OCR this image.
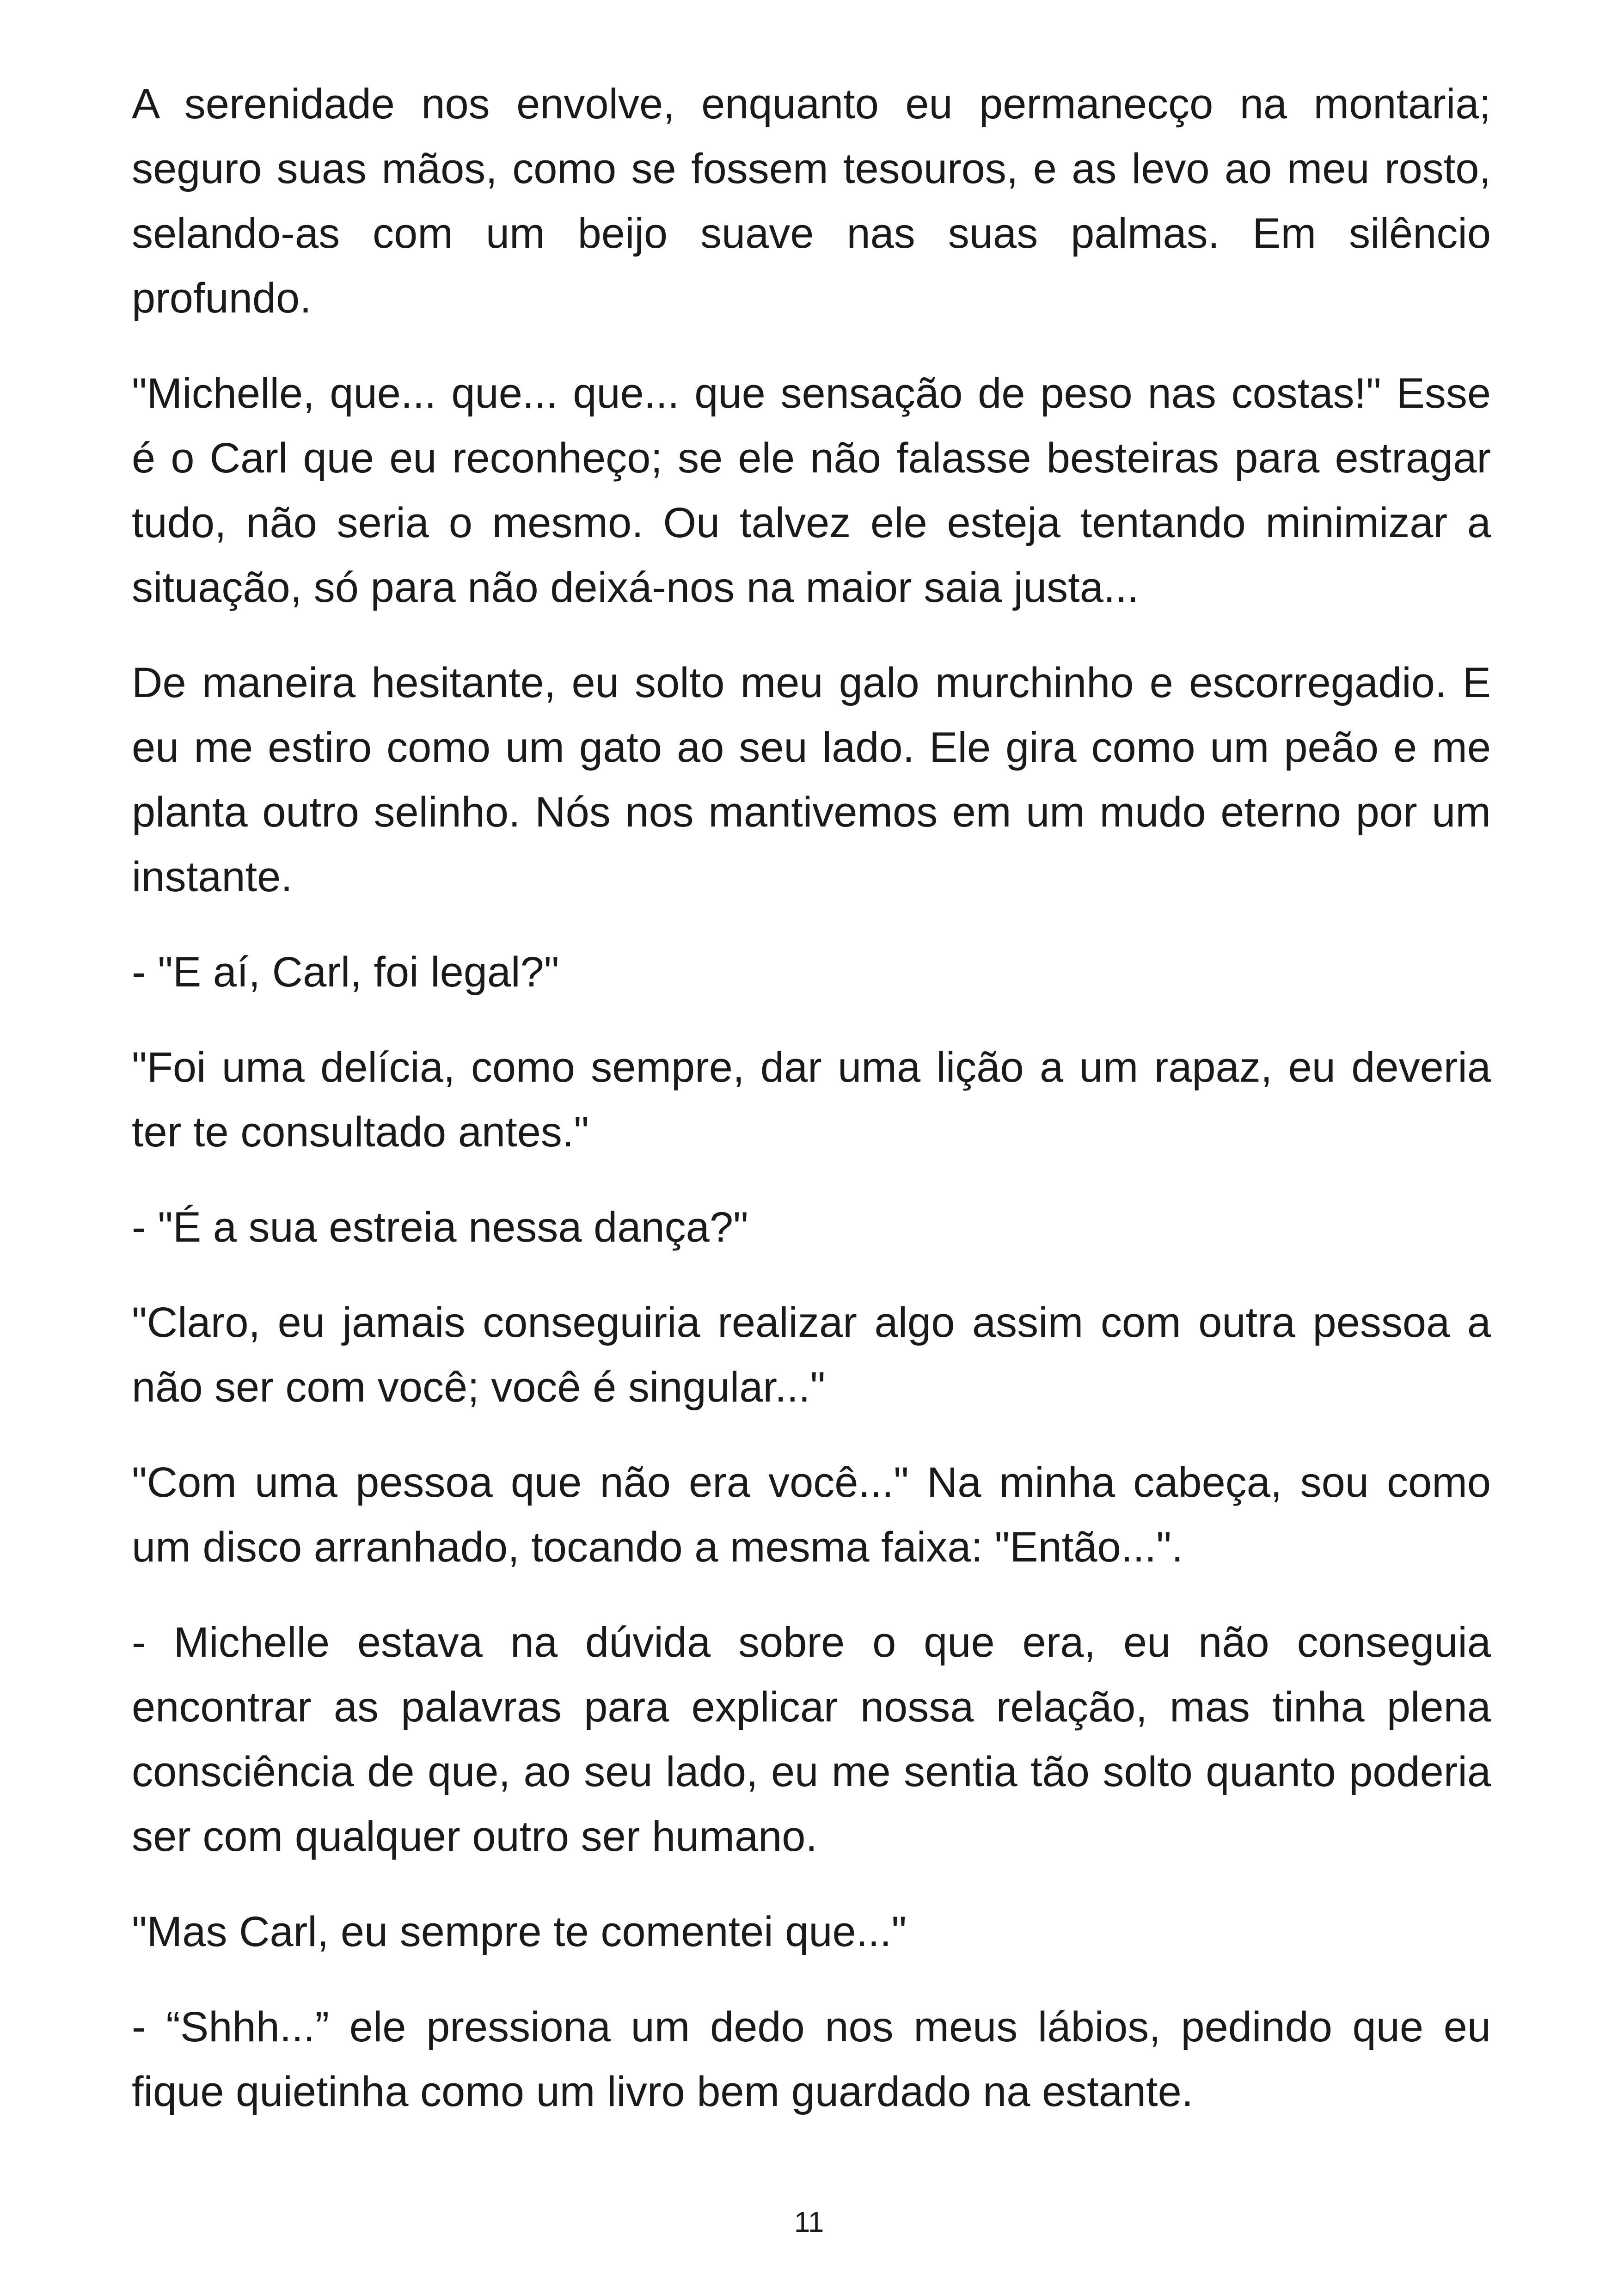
A serenidade nos envolve, enquanto eu permanecço na montaria; seguro suas mãos, como se fossem tesouros, e as levo ao meu rosto, selando-as com um beijo suave nas suas palmas. Em silêncio profundo.

"Michelle, que... que... que... que sensação de peso nas costas!" Esse é o Carl que eu reconheço; se ele não falasse besteiras para estragar tudo, não seria o mesmo. Ou talvez ele esteja tentando minimizar a situação, só para não deixá-nos na maior saia justa...

De maneira hesitante, eu solto meu galo murchinho e escorregadio. E eu me estiro como um gato ao seu lado. Ele gira como um peão e me planta outro selinho. Nós nos mantivemos em um mudo eterno por um instante.

- "E aí, Carl, foi legal?"

"Foi uma delícia, como sempre, dar uma lição a um rapaz, eu deveria ter te consultado antes."

- "É a sua estreia nessa dança?"

"Claro, eu jamais conseguiria realizar algo assim com outra pessoa a não ser com você; você é singular..."

"Com uma pessoa que não era você..." Na minha cabeça, sou como um disco arranhado, tocando a mesma faixa: "Então...".

- Michelle estava na dúvida sobre o que era, eu não conseguia encontrar as palavras para explicar nossa relação, mas tinha plena consciência de que, ao seu lado, eu me sentia tão solto quanto poderia ser com qualquer outro ser humano.

"Mas Carl, eu sempre te comentei que..."

- “Shhh...” ele pressiona um dedo nos meus lábios, pedindo que eu fique quietinha como um livro bem guardado na estante.

11
